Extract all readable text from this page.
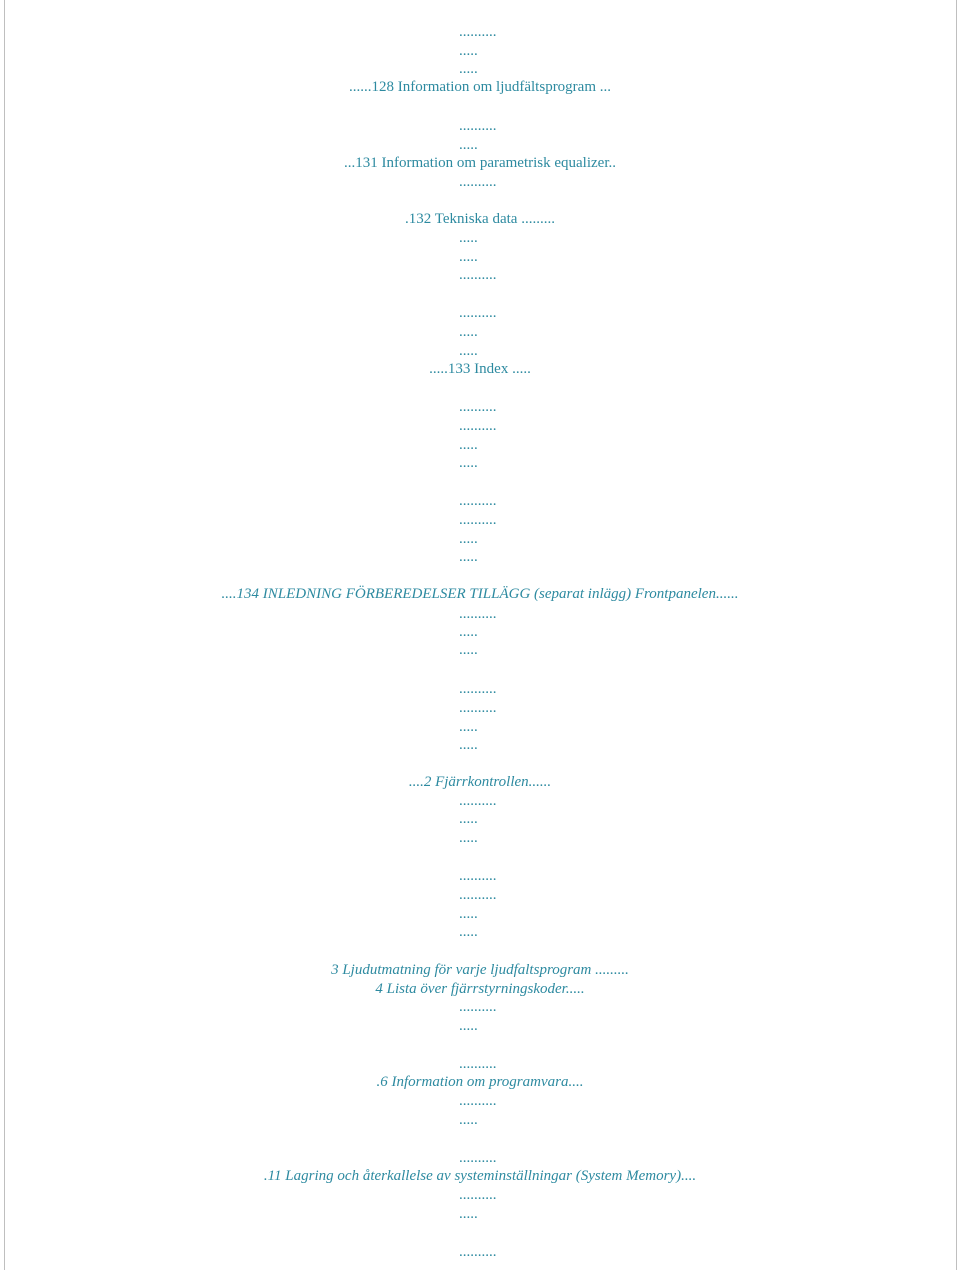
..........
.....
.....
......128 Information om ljudfältsprogram ...
..........
.....
...131 Information om parametrisk equalizer..
..........
.132 Tekniska data .........
.....
.....
..........
..........
.....
.....
.....133 Index .....
..........
..........
.....
.....
..........
..........
.....
.....
....134 INLEDNING FÖRBEREDELSER TILLÄGG (separat inlägg) Frontpanelen......
..........
.....
.....
..........
..........
.....
.....
....2 Fjärrkontrollen......
..........
.....
.....
..........
..........
.....
.....
3 Ljudutmatning för varje ljudfaltsprogram .........
4 Lista över fjärrstyrningskoder.....
..........
.....
..........
.6 Information om programvara....
..........
.....
..........
.11 Lagring och återkallelse av systeminställningar (System Memory)....
..........
.....
..........
